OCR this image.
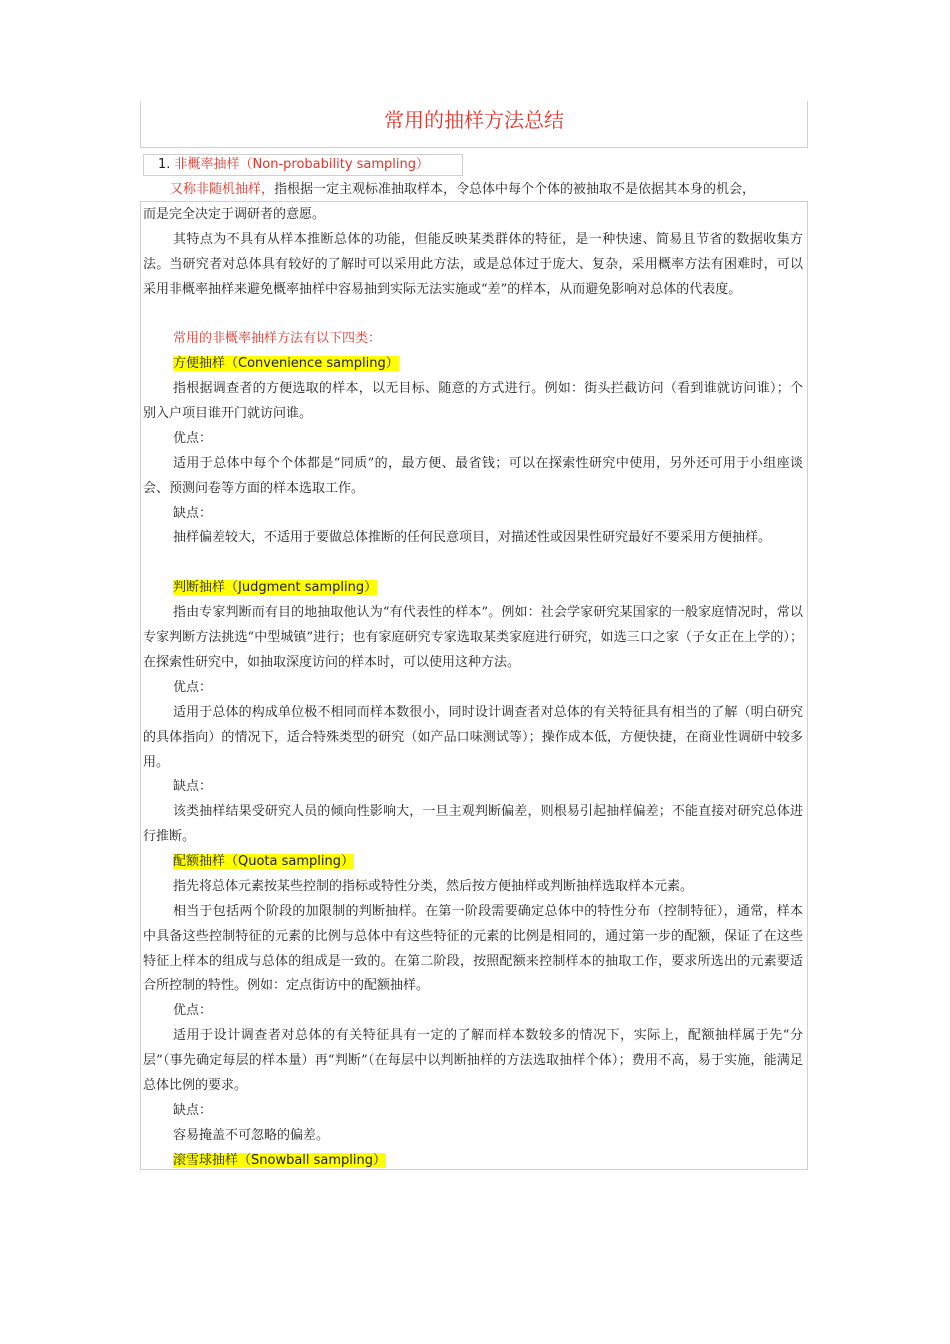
常用的抽样方法总结
1. 非概率抽样（Non-probability sampling）
又称非随机抽样，指根据一定主观标准抽取样本，令总体中每个个体的被抽取不是依据其本身的机会，

而是完全决定于调研者的意愿。

其特点为不具有从样本推断总体的功能，但能反映某类群体的特征，是一种快速、简易且节省的数据收集方法。当研究者对总体具有较好的了解时可以采用此方法，或是总体过于庞大、复杂，采用概率方法有困难时，可以采用非概率抽样来避免概率抽样中容易抽到实际无法实施或“差”的样本，从而避免影响对总体的代表度。

常用的非概率抽样方法有以下四类：

方便抽样（Convenience sampling）

指根据调查者的方便选取的样本，以无目标、随意的方式进行。例如：街头拦截访问（看到谁就访问谁）；个别入户项目谁开门就访问谁。

优点：

适用于总体中每个个体都是“同质”的，最方便、最省钱；可以在探索性研究中使用，另外还可用于小组座谈会、预测问卷等方面的样本选取工作。

缺点：

抽样偏差较大，不适用于要做总体推断的任何民意项目，对描述性或因果性研究最好不要采用方便抽样。

判断抽样（Judgment sampling）

指由专家判断而有目的地抽取他认为“有代表性的样本”。例如：社会学家研究某国家的一般家庭情况时，常以专家判断方法挑选“中型城镇”进行；也有家庭研究专家选取某类家庭进行研究，如选三口之家（子女正在上学的）；在探索性研究中，如抽取深度访问的样本时，可以使用这种方法。

优点：

适用于总体的构成单位极不相同而样本数很小，同时设计调查者对总体的有关特征具有相当的了解（明白研究的具体指向）的情况下，适合特殊类型的研究（如产品口味测试等）；操作成本低，方便快捷，在商业性调研中较多用。

缺点：

该类抽样结果受研究人员的倾向性影响大，一旦主观判断偏差，则根易引起抽样偏差；不能直接对研究总体进行推断。

配额抽样（Quota sampling）

指先将总体元素按某些控制的指标或特性分类，然后按方便抽样或判断抽样选取样本元素。

相当于包括两个阶段的加限制的判断抽样。在第一阶段需要确定总体中的特性分布（控制特征），通常，样本中具备这些控制特征的元素的比例与总体中有这些特征的元素的比例是相同的，通过第一步的配额，保证了在这些特征上样本的组成与总体的组成是一致的。在第二阶段，按照配额来控制样本的抽取工作，要求所选出的元素要适合所控制的特性。例如：定点街访中的配额抽样。

优点：

适用于设计调查者对总体的有关特征具有一定的了解而样本数较多的情况下，实际上，配额抽样属于先“分层”（事先确定每层的样本量）再“判断”（在每层中以判断抽样的方法选取抽样个体）；费用不高，易于实施，能满足总体比例的要求。

缺点：

容易掩盖不可忽略的偏差。

滚雪球抽样（Snowball sampling）
